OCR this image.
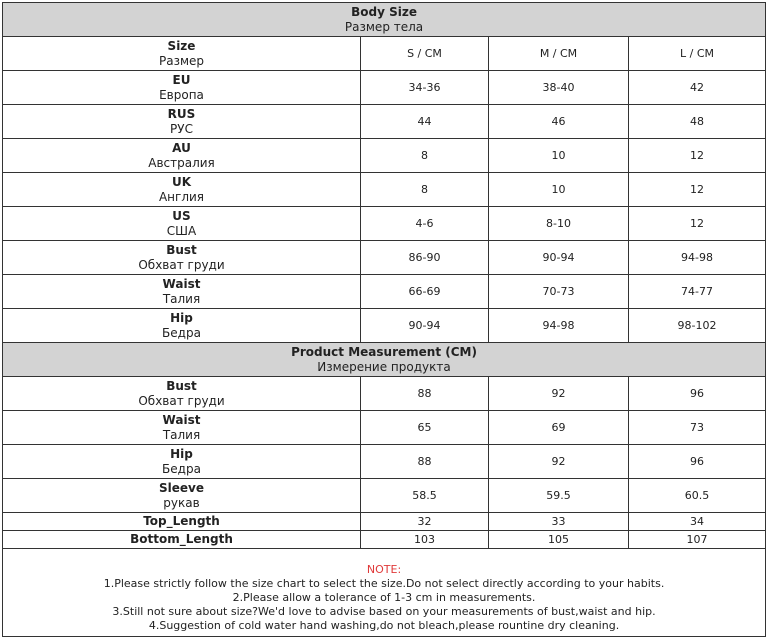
Body Size
Размер тела			

Size
Размер	S / CM	M / CM	L / CM

EU
Европа	34-36	38-40	42

RUS
РУС	44	46	48

AU
Австралия	8	10	12

UK
Англия	8	10	12

US
США	4-6	8-10	12

Bust
Обхват груди	86-90	90-94	94-98

Waist
Талия	66-69	70-73	74-77

Hip
Бедра	90-94	94-98	98-102

Product Measurement (CM)
Измерение продукта			

Bust
Обхват груди	88	92	96

Waist
Талия	65	69	73

Hip
Бедра	88	92	96

Sleeve
рукав	58.5	59.5	60.5
Top_Length	32	33	34
Bottom_Length	103	105	107

NOTE:
1.Please strictly follow the size chart to select the size.Do not select directly according to your habits.
2.Please allow a tolerance of 1-3 cm in measurements.
3.Still not sure about size?We'd love to advise based on your measurements of bust,waist and hip.
4.Suggestion of cold water hand washing,do not bleach,please rountine dry cleaning.			
